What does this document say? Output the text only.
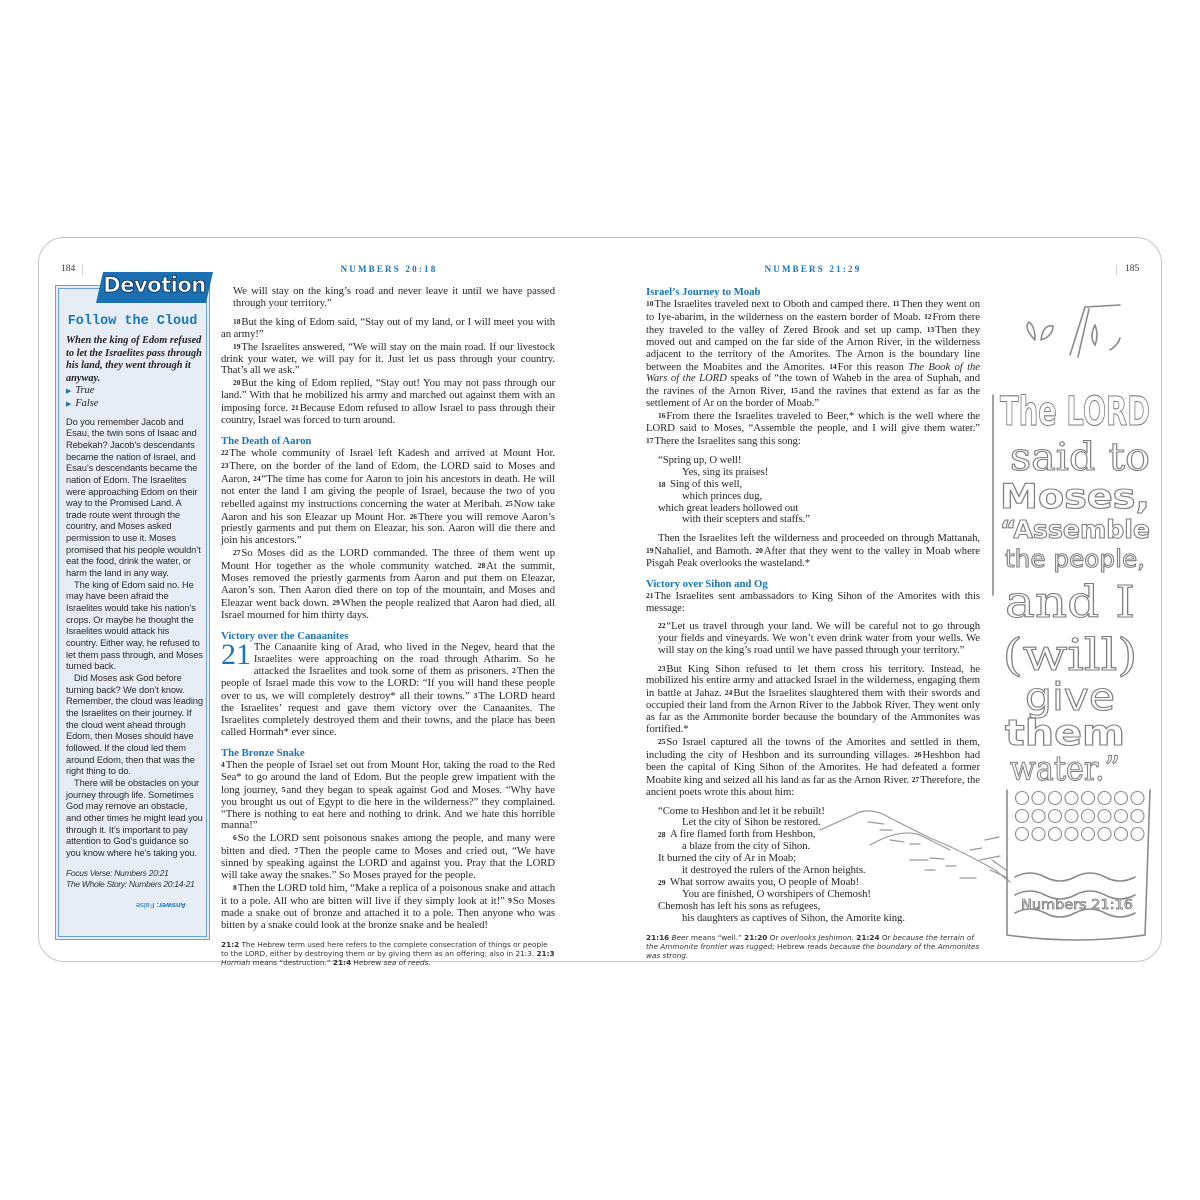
184	NUMBERS 20:18
Follow the Cloud
When the king of Edom refused to let the Israelites pass through his land, they went through it anyway.
▶ True
▶ False

Do you remember Jacob and Esau, the twin sons of Isaac and Rebekah? Jacob’s descendants became the nation of Israel, and Esau’s descendants became the nation of Edom. The Israelites were approaching Edom on their way to the Promised Land. A trade route went through the country, and Moses asked permission to use it. Moses promised that his people wouldn’t eat the food, drink the water, or harm the land in any way.

The king of Edom said no. He may have been afraid the Israelites would take his nation’s crops. Or maybe he thought the Israelites would attack his country. Either way, he refused to let them pass through, and Moses turned back.

Did Moses ask God before turning back? We don’t know. Remember, the cloud was leading the Israelites on their journey. If the cloud went ahead through Edom, then Moses should have followed. If the cloud led them around Edom, then that was the right thing to do.

There will be obstacles on your journey through life. Sometimes God may remove an obstacle, and other times he might lead you through it. It’s important to pay attention to God’s guidance so you know where he’s taking you.

Focus Verse: Numbers 20:21
The Whole Story: Numbers 20:14-21
Answer: False
Devotion	We will stay on the king’s road and never leave it until we have passed through your territory.”

18But the king of Edom said, “Stay out of my land, or I will meet you with an army!”

19The Israelites answered, “We will stay on the main road. If our livestock drink your water, we will pay for it. Just let us pass through your country. That’s all we ask.”

20But the king of Edom replied, “Stay out! You may not pass through our land.” With that he mobilized his army and marched out against them with an imposing force. 21Because Edom refused to allow Israel to pass through their country, Israel was forced to turn around.

The Death of Aaron

22The whole community of Israel left Kadesh and arrived at Mount Hor. 23There, on the border of the land of Edom, the LORD said to Moses and Aaron, 24“The time has come for Aaron to join his ancestors in death. He will not enter the land I am giving the people of Israel, because the two of you rebelled against my instructions concerning the water at Meribah. 25Now take Aaron and his son Eleazar up Mount Hor. 26There you will remove Aaron’s priestly garments and put them on Eleazar, his son. Aaron will die there and join his ancestors.”

27So Moses did as the LORD commanded. The three of them went up Mount Hor together as the whole community watched. 28At the summit, Moses removed the priestly garments from Aaron and put them on Eleazar, Aaron’s son. Then Aaron died there on top of the mountain, and Moses and Eleazar went back down. 29When the people realized that Aaron had died, all Israel mourned for him thirty days.

Victory over the Canaanites

21 The Canaanite king of Arad, who lived in the Negev, heard that the Israelites were approaching on the road through Atharim. So he attacked the Israelites and took some of them as prisoners. 2Then the people of Israel made this vow to the LORD: “If you will hand these people over to us, we will completely destroy* all their towns.” 3The LORD heard the Israelites’ request and gave them victory over the Canaanites. The Israelites completely destroyed them and their towns, and the place has been called Hormah* ever since.

The Bronze Snake

4Then the people of Israel set out from Mount Hor, taking the road to the Red Sea* to go around the land of Edom. But the people grew impatient with the long journey, 5and they began to speak against God and Moses. “Why have you brought us out of Egypt to die here in the wilderness?” they complained. “There is nothing to eat here and nothing to drink. And we hate this horrible manna!”

6So the LORD sent poisonous snakes among the people, and many were bitten and died. 7Then the people came to Moses and cried out, “We have sinned by speaking against the LORD and against you. Pray that the LORD will take away the snakes.” So Moses prayed for the people.

8Then the LORD told him, “Make a replica of a poisonous snake and attach it to a pole. All who are bitten will live if they simply look at it!” 9So Moses made a snake out of bronze and attached it to a pole. Then anyone who was bitten by a snake could look at the bronze snake and be healed!

21:2 The Hebrew term used here refers to the complete consecration of things or people to the LORD, either by destroying them or by giving them as an offering; also in 21:3. 21:3 Hormah means “destruction.” 21:4 Hebrew sea of reeds.
NUMBERS 21:29	185
Israel’s Journey to Moab

10The Israelites traveled next to Oboth and camped there. 11Then they went on to Iye-abarim, in the wilderness on the eastern border of Moab. 12From there they traveled to the valley of Zered Brook and set up camp. 13Then they moved out and camped on the far side of the Arnon River, in the wilderness adjacent to the territory of the Amorites. The Arnon is the boundary line between the Moabites and the Amorites. 14For this reason The Book of the Wars of the LORD speaks of “the town of Waheb in the area of Suphah, and the ravines of the Arnon River, 15and the ravines that extend as far as the settlement of Ar on the border of Moab.”

16From there the Israelites traveled to Beer,* which is the well where the LORD said to Moses, “Assemble the people, and I will give them water.” 17There the Israelites sang this song:

“Spring up, O well!

Yes, sing its praises!

18 Sing of this well,

which princes dug,

which great leaders hollowed out

with their scepters and staffs.”

Then the Israelites left the wilderness and proceeded on through Mattanah, 19Nahaliel, and Bamoth. 20After that they went to the valley in Moab where Pisgah Peak overlooks the wasteland.*

Victory over Sihon and Og

21The Israelites sent ambassadors to King Sihon of the Amorites with this message:

22“Let us travel through your land. We will be careful not to go through your fields and vineyards. We won’t even drink water from your wells. We will stay on the king’s road until we have passed through your territory.”

23But King Sihon refused to let them cross his territory. Instead, he mobilized his entire army and attacked Israel in the wilderness, engaging them in battle at Jahaz. 24But the Israelites slaughtered them with their swords and occupied their land from the Arnon River to the Jabbok River. They went only as far as the Ammonite border because the boundary of the Ammonites was fortified.*

25So Israel captured all the towns of the Amorites and settled in them, including the city of Heshbon and its surrounding villages. 26Heshbon had been the capital of King Sihon of the Amorites. He had defeated a former Moabite king and seized all his land as far as the Arnon River. 27Therefore, the ancient poets wrote this about him:

“Come to Heshbon and let it be rebuilt!

Let the city of Sihon be restored.

28 A fire flamed forth from Heshbon,

a blaze from the city of Sihon.

It burned the city of Ar in Moab;

it destroyed the rulers of the Arnon heights.

29 What sorrow awaits you, O people of Moab!

You are finished, O worshipers of Chemosh!

Chemosh has left his sons as refugees,

his daughters as captives of Sihon, the Amorite king.

21:16 Beer means “well.” 21:20 Or overlooks Jeshimon. 21:24 Or because the terrain of the Ammonite frontier was rugged; Hebrew reads because the boundary of the Ammonites was strong.
The LORD
said to
Moses,
“Assemble
the people,
and I
(will)
give
them
water.”
Numbers 21:16
